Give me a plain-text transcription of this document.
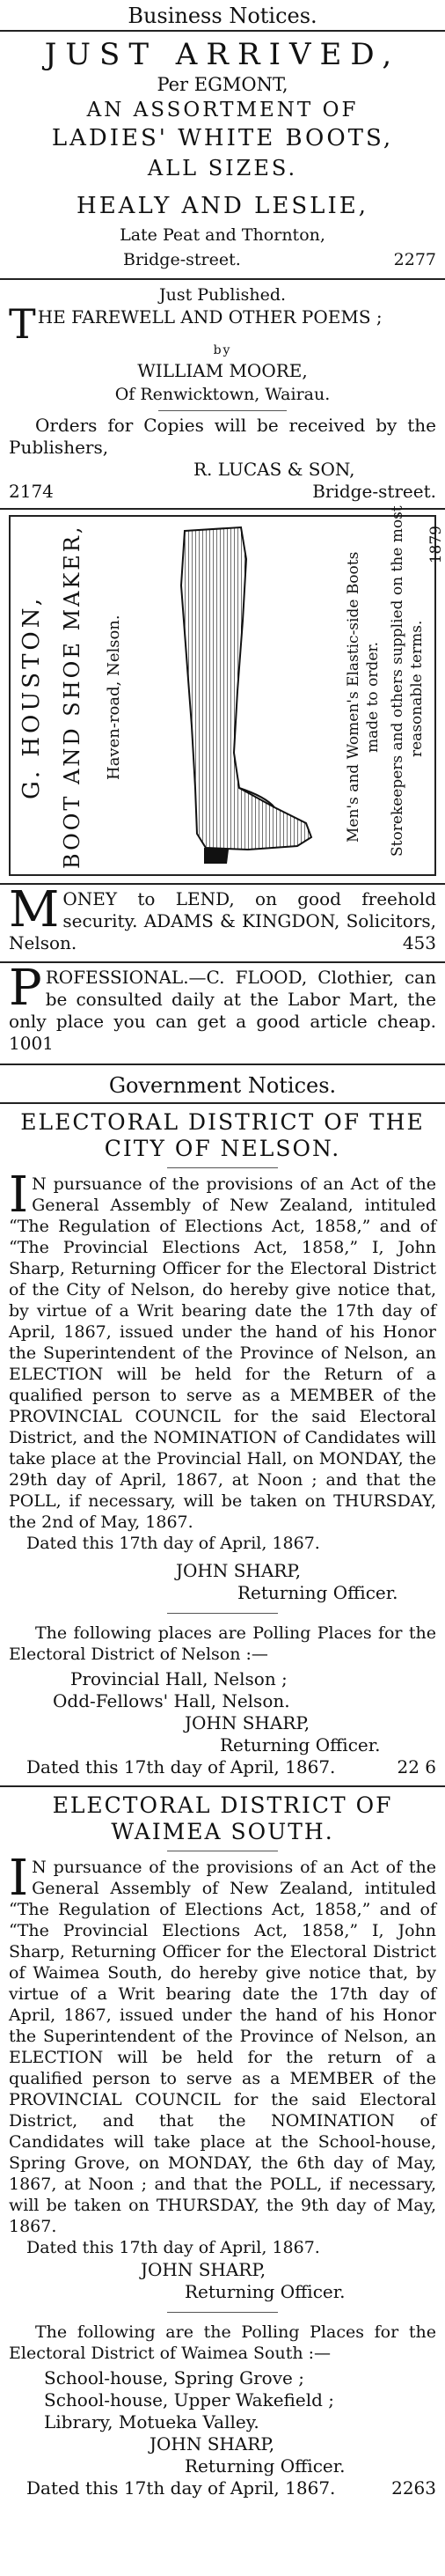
Business Notices.
JUST ARRIVED,
Per EGMONT,
AN ASSORTMENT OF
LADIES' WHITE BOOTS,
ALL SIZES.
HEALY AND LESLIE,
Late Peat and Thornton,
Bridge-street.	2277
Just Published.
T HE FAREWELL AND OTHER POEMS ;
by
WILLIAM MOORE,
Of Renwicktown, Wairau.
Orders for Copies will be received by the Publishers,
R. LUCAS & SON,
2174	Bridge-street.
G. HOUSTON, BOOT AND SHOE MAKER, Haven-road, Nelson.	Men's and Women's Elastic-side Boots made to order. Storekeepers and others supplied on the most reasonable terms.
1879
M ONEY to LEND, on good freehold security. ADAMS & KINGDON, Solicitors, Nelson.	453
P ROFESSIONAL.—C. FLOOD, Clothier, can be consulted daily at the Labor Mart, the only place you can get a good article cheap. 1001
Government Notices.
ELECTORAL DISTRICT OF THE CITY OF NELSON.
I N pursuance of the provisions of an Act of the General Assembly of New Zealand, intituled “The Regulation of Elections Act, 1858,” and of “The Provincial Elections Act, 1858,” I, John Sharp, Returning Officer for the Electoral District of the City of Nelson, do hereby give notice that, by virtue of a Writ bearing date the 17th day of April, 1867, issued under the hand of his Honor the Superintendent of the Province of Nelson, an ELECTION will be held for the Return of a qualified person to serve as a MEMBER of the PROVINCIAL COUNCIL for the said Electoral District, and the NOMINATION of Candidates will take place at the Provincial Hall, on MONDAY, the 29th day of April, 1867, at Noon ; and that the POLL, if necessary, will be taken on THURSDAY, the 2nd of May, 1867.
Dated this 17th day of April, 1867.
JOHN SHARP,
Returning Officer.
The following places are Polling Places for the Electoral District of Nelson :—
Provincial Hall, Nelson ;
Odd-Fellows' Hall, Nelson.
JOHN SHARP,
Returning Officer.
Dated this 17th day of April, 1867.	22 6
ELECTORAL DISTRICT OF WAIMEA SOUTH.
I N pursuance of the provisions of an Act of the General Assembly of New Zealand, intituled “The Regulation of Elections Act, 1858,” and of “The Provincial Elections Act, 1858,” I, John Sharp, Returning Officer for the Electoral District of Waimea South, do hereby give notice that, by virtue of a Writ bearing date the 17th day of April, 1867, issued under the hand of his Honor the Superintendent of the Province of Nelson, an ELECTION will be held for the return of a qualified person to serve as a MEMBER of the PROVINCIAL COUNCIL for the said Electoral District, and that the NOMINATION of Candidates will take place at the School-house, Spring Grove, on MONDAY, the 6th day of May, 1867, at Noon ; and that the POLL, if necessary, will be taken on THURSDAY, the 9th day of May, 1867.
Dated this 17th day of April, 1867.
JOHN SHARP,
Returning Officer.
The following are the Polling Places for the Electoral District of Waimea South :—
School-house, Spring Grove ;
School-house, Upper Wakefield ;
Library, Motueka Valley.
JOHN SHARP,
Returning Officer.
Dated this 17th day of April, 1867.	2263
